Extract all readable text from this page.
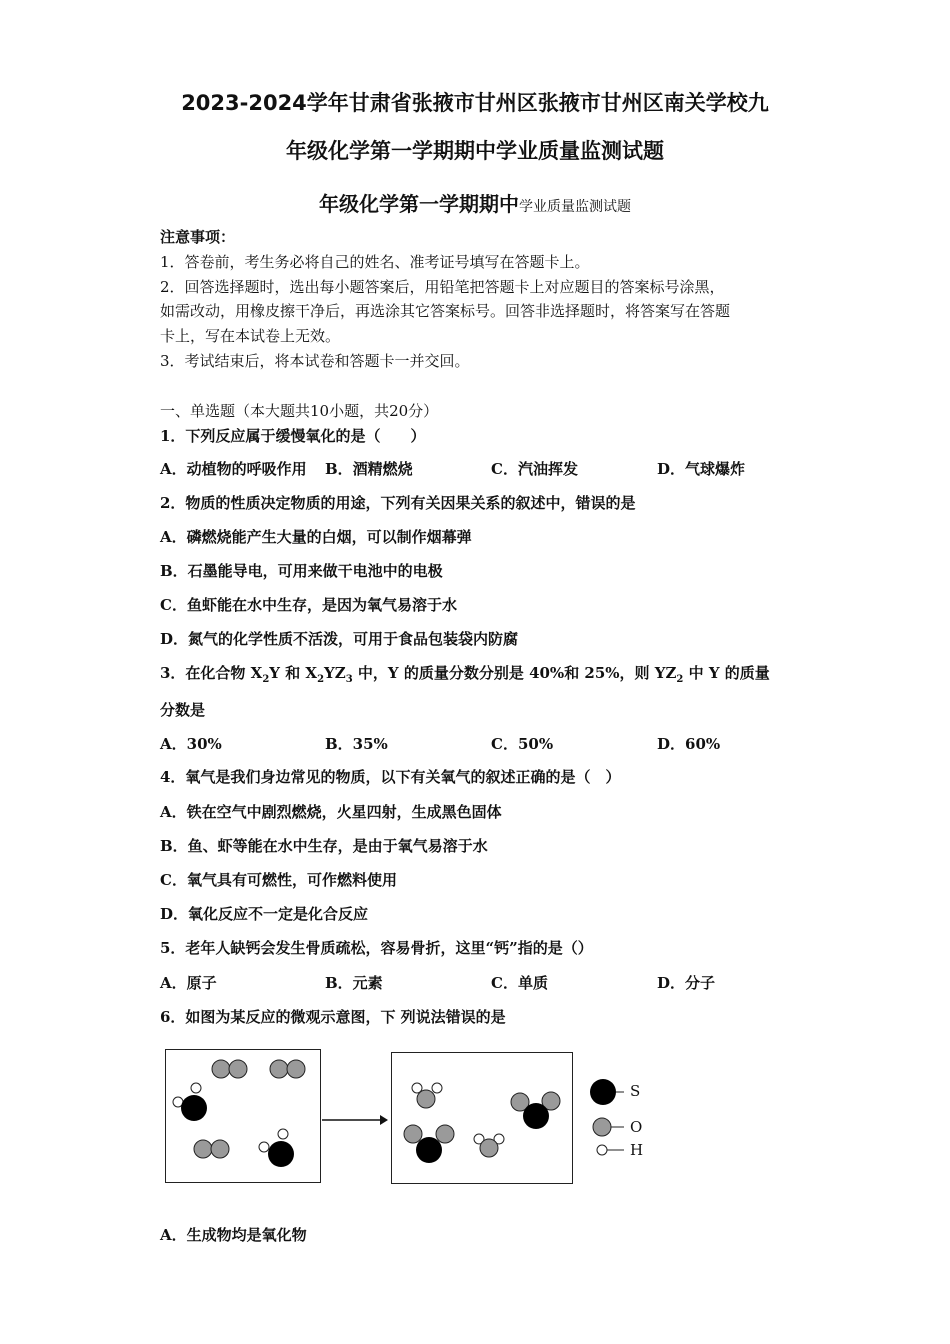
2023-2024学年甘肃省张掖市甘州区张掖市甘州区南关学校九
年级化学第一学期期中学业质量监测试题
年级化学第一学期期中学业质量监测试题
注意事项：
1．答卷前，考生务必将自己的姓名、准考证号填写在答题卡上。
2．回答选择题时，选出每小题答案后，用铅笔把答题卡上对应题目的答案标号涂黑，
如需改动，用橡皮擦干净后，再选涂其它答案标号。回答非选择题时，将答案写在答题
卡上，写在本试卷上无效。
3．考试结束后，将本试卷和答题卡一并交回。
一、单选题（本大题共10小题，共20分）
1．下列反应属于缓慢氧化的是（　　）
A．动植物的呼吸作用 B．酒精燃烧	C．汽油挥发	D．气球爆炸
2．物质的性质决定物质的用途，下列有关因果关系的叙述中，错误的是
A．磷燃烧能产生大量的白烟，可以制作烟幕弹
B．石墨能导电，可用来做干电池中的电极
C．鱼虾能在水中生存，是因为氧气易溶于水
D．氮气的化学性质不活泼，可用于食品包装袋内防腐
3．在化合物 $X_2Y$ 和 $X_2YZ_3$ 中，Y 的质量分数分别是 40%和 25%，则 $YZ_2$ 中 Y 的质量
分数是
A．30%	B．35%	C．50%	D．60%
4．氧气是我们身边常见的物质，以下有关氧气的叙述正确的是（　）
A．铁在空气中剧烈燃烧，火星四射，生成黑色固体
B．鱼、虾等能在水中生存，是由于氧气易溶于水
C．氧气具有可燃性，可作燃料使用
D．氧化反应不一定是化合反应
5．老年人缺钙会发生骨质疏松，容易骨折，这里“钙”指的是（）
A．原子	B．元素	C．单质	D．分子
6．如图为某反应的微观示意图，下 列说法错误的是
S
O
H
A．生成物均是氧化物
